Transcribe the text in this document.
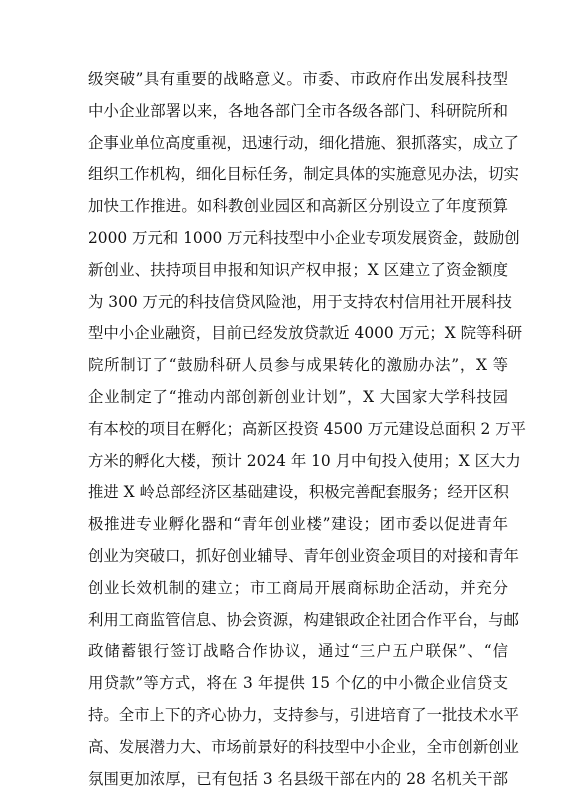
级突破”具有重要的战略意义。市委、市政府作出发展科技型
中小企业部署以来，各地各部门全市各级各部门、科研院所和
企事业单位高度重视，迅速行动，细化措施、狠抓落实，成立了
组织工作机构，细化目标任务，制定具体的实施意见办法，切实
加快工作推进。如科教创业园区和高新区分别设立了年度预算
2000 万元和 1000 万元科技型中小企业专项发展资金，鼓励创
新创业、扶持项目申报和知识产权申报；X 区建立了资金额度
为 300 万元的科技信贷风险池，用于支持农村信用社开展科技
型中小企业融资，目前已经发放贷款近 4000 万元；X 院等科研
院所制订了“鼓励科研人员参与成果转化的激励办法”，X 等
企业制定了“推动内部创新创业计划”，X 大国家大学科技园
有本校的项目在孵化；高新区投资 4500 万元建设总面积 2 万平
方米的孵化大楼，预计 2024 年 10 月中旬投入使用；X 区大力
推进 X 岭总部经济区基础建设，积极完善配套服务；经开区积
极推进专业孵化器和“青年创业楼”建设；团市委以促进青年
创业为突破口，抓好创业辅导、青年创业资金项目的对接和青年
创业长效机制的建立；市工商局开展商标助企活动，并充分
利用工商监管信息、协会资源，构建银政企社团合作平台，与邮
政储蓄银行签订战略合作协议，通过“三户五户联保”、“信
用贷款”等方式，将在 3 年提供 15 个亿的中小微企业信贷支
持。全市上下的齐心协力，支持参与，引进培育了一批技术水平
高、发展潜力大、市场前景好的科技型中小企业，全市创新创业
氛围更加浓厚，已有包括 3 名县级干部在内的 28 名机关干部
